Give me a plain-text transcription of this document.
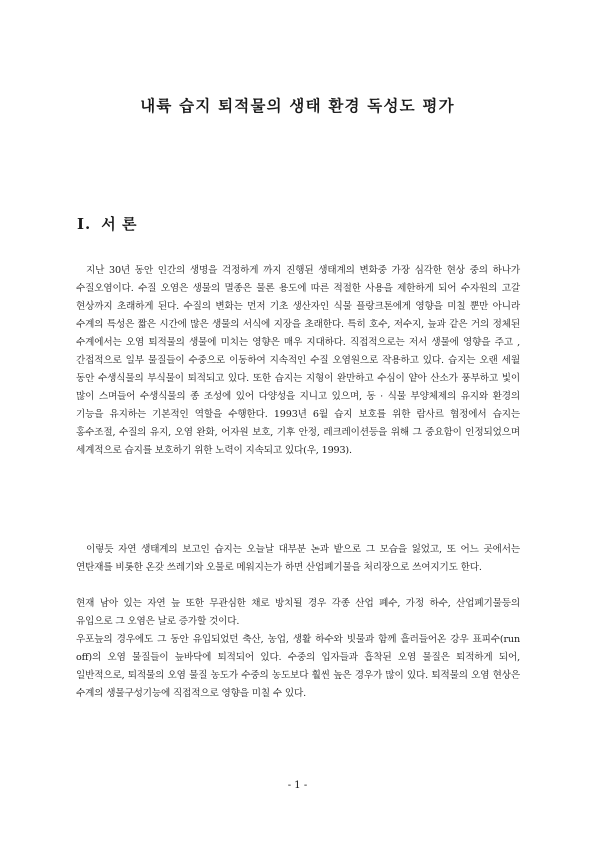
내륙 습지 퇴적물의 생태 환경 독성도 평가
Ⅰ. 서 론

지난 30년 동안 인간의 생명을 걱정하게 까지 진행된 생태계의 변화중 가장 심각한 현상 중의 하나가 수질오염이다. 수질 오염은 생물의 멸종은 물론 용도에 따른 적절한 사용을 제한하게 되어 수자원의 고갈 현상까지 초래하게 된다. 수질의 변화는 먼저 기초 생산자인 식물 플랑크톤에게 영향을 미칠 뿐만 아니라 수계의 특성은 짧은 시간에 많은 생물의 서식에 지장을 초래한다. 특히 호수, 저수지, 늪과 같은 거의 정체된 수계에서는 오염 퇴적물의 생물에 미치는 영향은 매우 지대하다. 직접적으로는 저서 생물에 영향을 주고 , 간접적으로 일부 물질들이 수중으로 이동하여 지속적인 수질 오염원으로 작용하고 있다. 습지는 오랜 세월 동안 수생식물의 부식물이 퇴적되고 있다. 또한 습지는 지형이 완만하고 수심이 얕아 산소가 풍부하고 빛이 많이 스며들어 수생식물의 종 조성에 있어 다양성을 지니고 있으며, 동 · 식물 부양체제의 유지와 환경의 기능을 유지하는 기본적인 역할을 수행한다. 1993년 6월 습지 보호를 위한 람사르 협정에서 습지는 홍수조절, 수질의 유지, 오염 완화, 어자원 보호, 기후 안정, 레크레이션등을 위해 그 중요함이 인정되었으며 세계적으로 습지를 보호하기 위한 노력이 지속되고 있다(우, 1993).

이렇듯 자연 생태계의 보고인 습지는 오늘날 대부분 논과 밭으로 그 모습을 잃었고, 또 어느 곳에서는 연탄재를 비롯한 온갖 쓰레기와 오물로 메워지는가 하면 산업폐기물을 처리장으로 쓰여지기도 한다.

현재 남아 있는 자연 늪 또한 무관심한 채로 방치될 경우 각종 산업 폐수, 가정 하수, 산업폐기물등의 유입으로 그 오염은 날로 증가할 것이다.

우포늪의 경우에도 그 동안 유입되었던 축산, 농업, 생활 하수와 빗물과 함께 흘러들어온 강우 표피수(run off)의 오염 물질들이 늪바닥에 퇴적되어 있다. 수중의 입자들과 흡착된 오염 물질은 퇴적하게 되어, 일반적으로, 퇴적물의 오염 물질 농도가 수중의 농도보다 훨씬 높은 경우가 많이 있다. 퇴적물의 오염 현상은 수계의 생물구성기능에 직접적으로 영향을 미칠 수 있다.

- 1 -
